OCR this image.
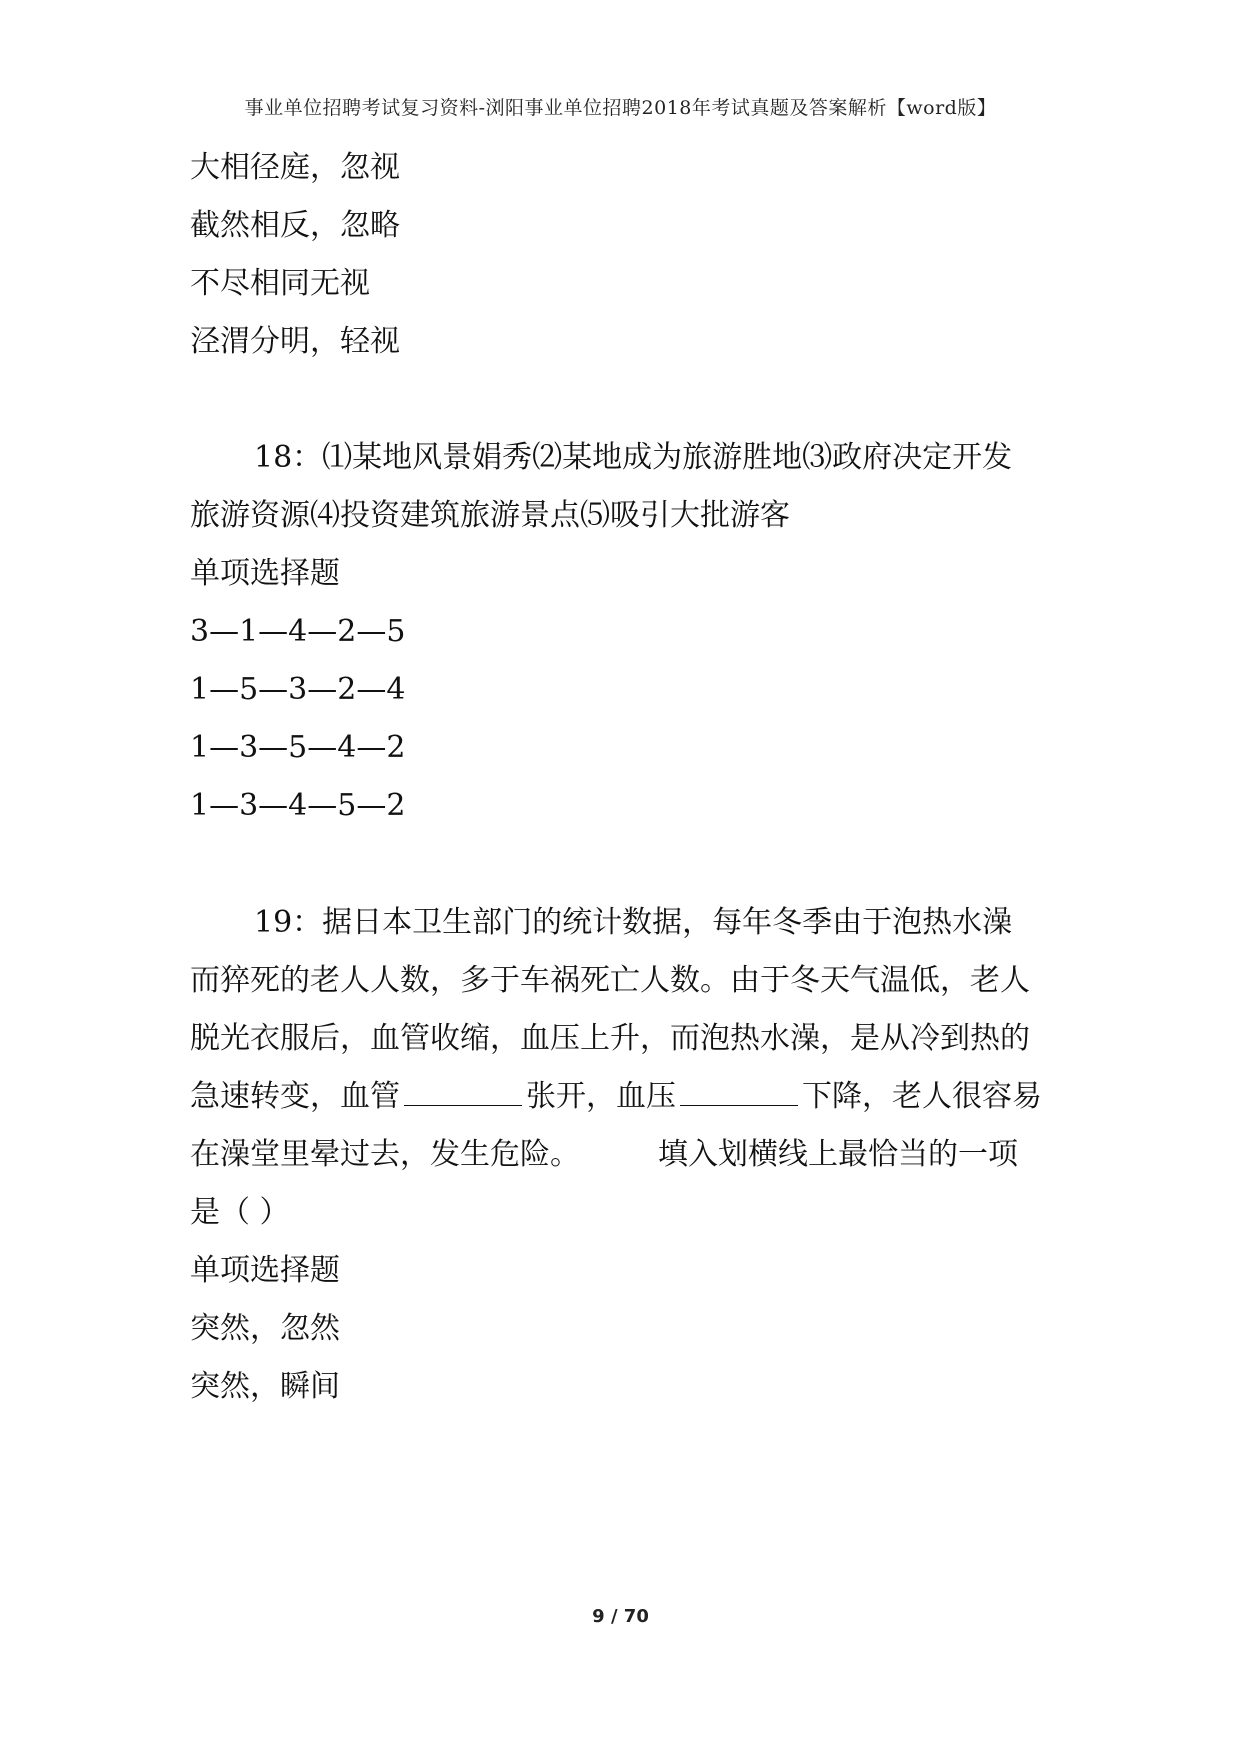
事业单位招聘考试复习资料-浏阳事业单位招聘2018年考试真题及答案解析【word版】
大相径庭，忽视
截然相反，忽略
不尽相同无视
泾渭分明，轻视
18：⑴某地风景娟秀⑵某地成为旅游胜地⑶政府决定开发
旅游资源⑷投资建筑旅游景点⑸吸引大批游客
单项选择题
3—1—4—2—5
1—5—3—2—4
1—3—5—4—2
1—3—4—5—2
19：据日本卫生部门的统计数据，每年冬季由于泡热水澡
而猝死的老人人数，多于车祸死亡人数。由于冬天气温低，老人
脱光衣服后，血管收缩，血压上升，而泡热水澡，是从冷到热的
急速转变，血管	张开，血压	下降，老人很容易
在澡堂里晕过去，发生危险。	填入划横线上最恰当的一项
是（ ）
单项选择题
突然，忽然
突然，瞬间
9 / 70
